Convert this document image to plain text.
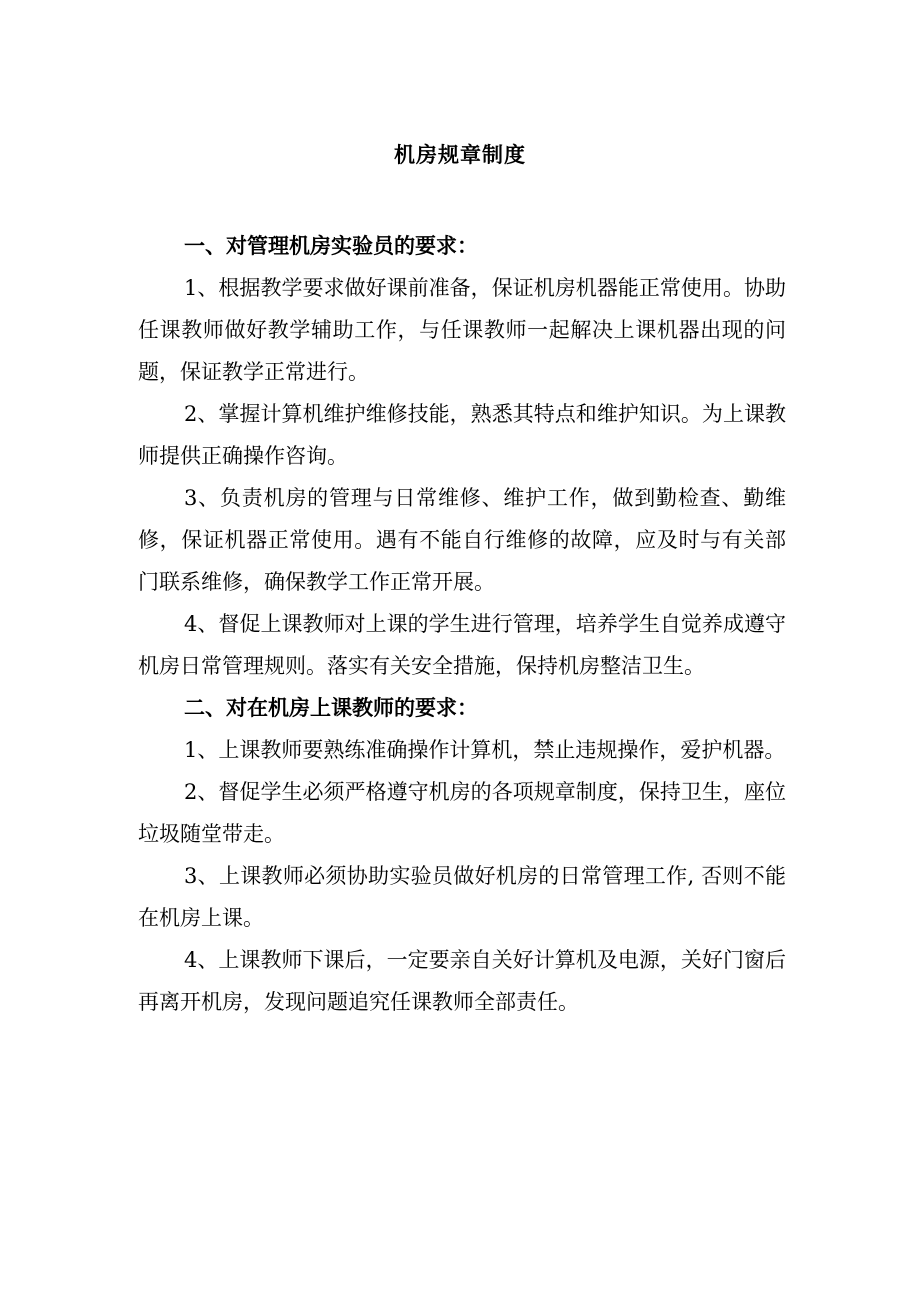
机房规章制度

一、对管理机房实验员的要求：

1、根据教学要求做好课前准备，保证机房机器能正常使用。协助任课教师做好教学辅助工作，与任课教师一起解决上课机器出现的问题，保证教学正常进行。

2、掌握计算机维护维修技能，熟悉其特点和维护知识。为上课教师提供正确操作咨询。

3、负责机房的管理与日常维修、维护工作，做到勤检查、勤维修，保证机器正常使用。遇有不能自行维修的故障，应及时与有关部门联系维修，确保教学工作正常开展。

4、督促上课教师对上课的学生进行管理，培养学生自觉养成遵守机房日常管理规则。落实有关安全措施，保持机房整洁卫生。

二、对在机房上课教师的要求：

1、上课教师要熟练准确操作计算机，禁止违规操作，爱护机器。

2、督促学生必须严格遵守机房的各项规章制度，保持卫生，座位垃圾随堂带走。

3、上课教师必须协助实验员做好机房的日常管理工作, 否则不能在机房上课。

4、上课教师下课后，一定要亲自关好计算机及电源，关好门窗后再离开机房，发现问题追究任课教师全部责任。
